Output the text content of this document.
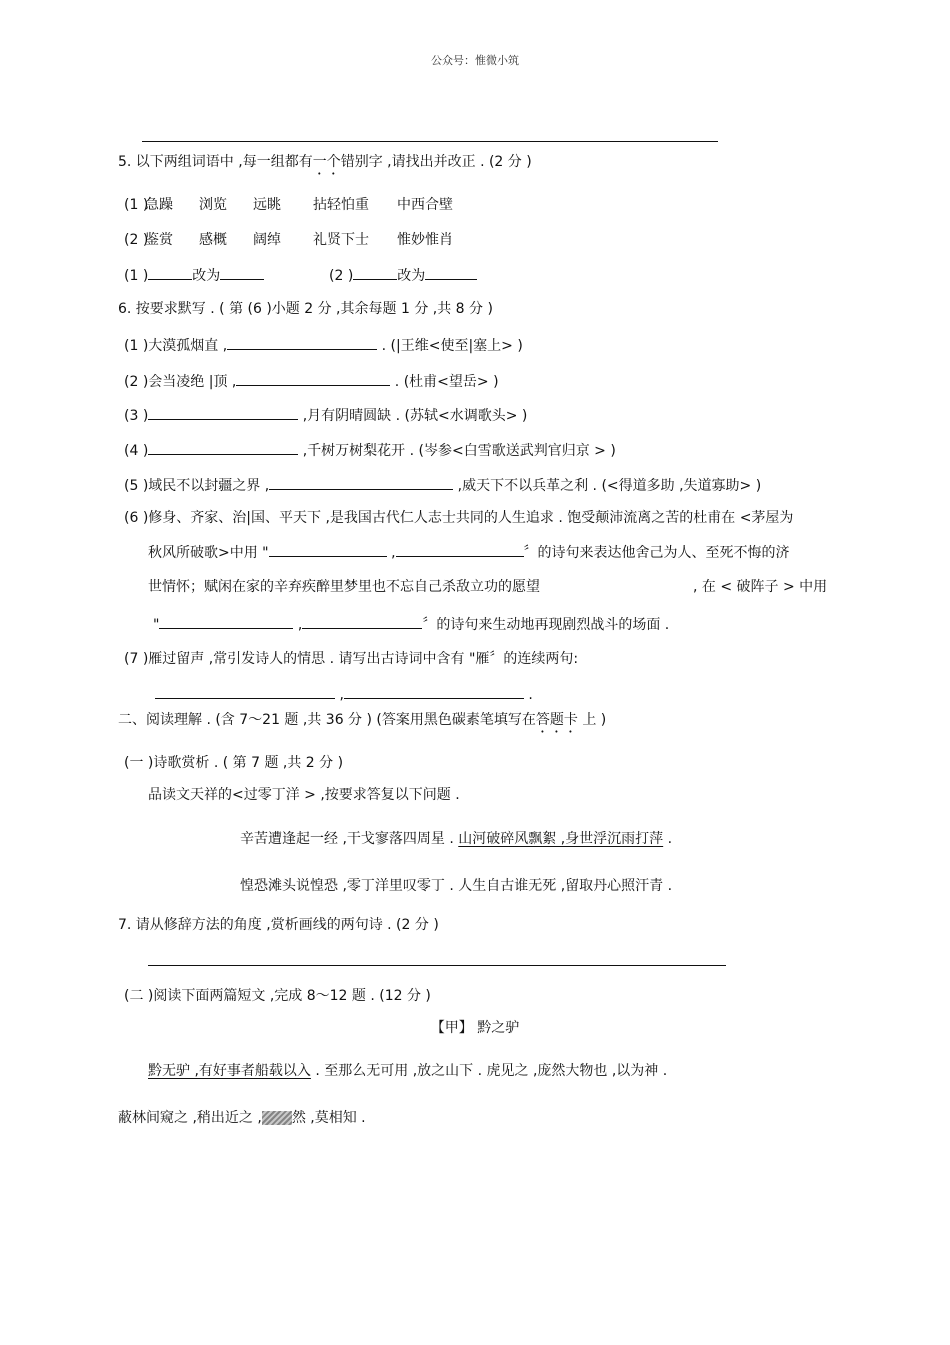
公众号：惟微小筑
5. 以下两组词语中 ,每一组都有一个错别字 ,请找出并改正 . (2 分 )
(1 )
急躁 浏览 远眺 拈轻怕重 中西合壁
(2 )
鉴赏 感概 阔绰 礼贤下士 惟妙惟肖
(1 )	改为	(2 )	改为
6. 按要求默写 . ( 第 (6 )小题 2 分 ,其余每题 1 分 ,共 8 分 )
(1 )大漠孤烟直 ,	. (|王维<使至|塞上> )
(2 )会当凌绝 |顶 ,	. (杜甫<望岳> )
(3 )	,月有阴晴圆缺 . (苏轼<水调歌头> )
(4 )	,千树万树梨花开 . (岑参<白雪歌送武判官归京 > )
(5 )域民不以封疆之界 ,	,威天下不以兵革之利 . (<得道多助 ,失道寡助> )
(6 )修身、齐家、治|国、平天下 ,是我国古代仁人志士共同的人生追求 . 饱受颠沛流离之苦的杜甫在 <茅屋为
秋风所破歌>中用 "	,	〞的诗句来表达他舍己为人、至死不悔的济
世情怀；赋闲在家的辛弃疾醉里梦里也不忘自己杀敌立功的愿望	, 在 < 破阵子 > 中用
"	,	〞的诗句来生动地再现剧烈战斗的场面 .
(7 )雁过留声 ,常引发诗人的情思 . 请写出古诗词中含有 "雁〞的连续两句:
,	.
二、阅读理解 . (含 7～21 题 ,共 36 分 ) (答案用黑色碳素笔填写在答题卡 上 )
(一 )诗歌赏析 . ( 第 7 题 ,共 2 分 )
品读文天祥的<过零丁洋 > ,按要求答复以下问题 .
辛苦遭逢起一经 ,干戈寥落四周星 . 山河破碎风飘絮 ,身世浮沉雨打萍 .
惶恐滩头说惶恐 ,零丁洋里叹零丁 . 人生自古谁无死 ,留取丹心照汗青 .
7. 请从修辞方法的角度 ,赏析画线的两句诗 . (2 分 )
(二 )阅读下面两篇短文 ,完成 8～12 题 . (12 分 )
【甲】 黔之驴
黔无驴 ,有好事者船载以入 . 至那么无可用 ,放之山下 . 虎见之 ,庞然大物也 ,以为神 .
蔽林间窥之 ,稍出近之 , 然 ,莫相知 .
